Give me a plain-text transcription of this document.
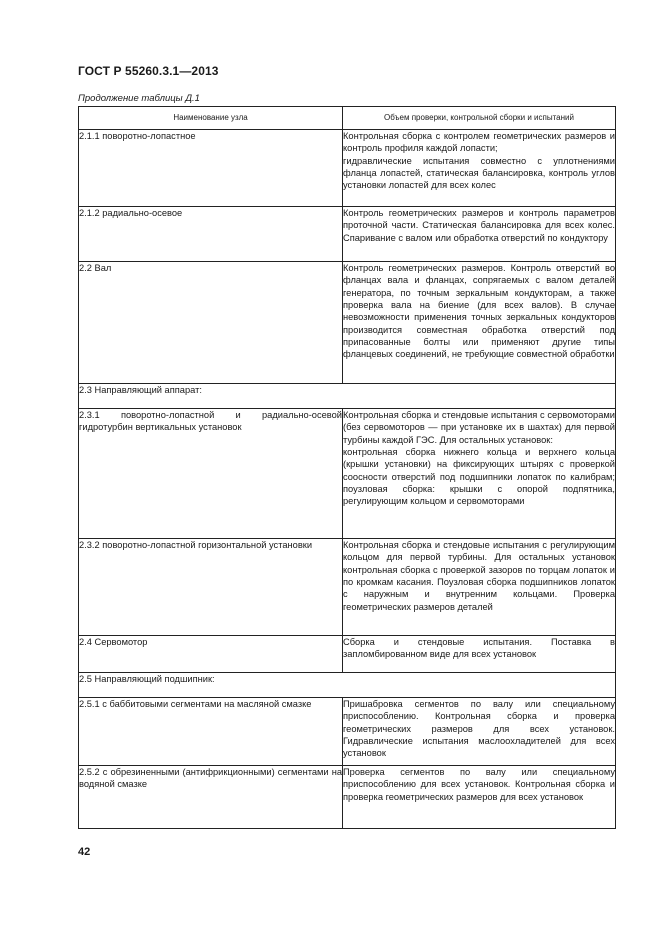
ГОСТ Р 55260.3.1—2013
Продолжение таблицы Д.1
Наименование узла	Объем проверки, контрольной сборки и испытаний
2.1.1 поворотно-лопастное	Контрольная сборка с контролем геометрических размеров и контроль профиля каждой лопасти;

гидравлические испытания совместно с уплотнениями фланца лопастей, статическая балансировка, контроль углов установки лопастей для всех колес

2.1.2 радиально-осевое	Контроль геометрических размеров и контроль параметров проточной части. Статическая балансировка для всех колес. Спаривание с валом или обработка отверстий по кондуктору

2.2 Вал	Контроль геометрических размеров. Контроль отверстий во фланцах вала и фланцах, сопрягаемых с валом деталей генератора, по точным зеркальным кондукторам, а также проверка вала на биение (для всех валов). В случае невозможности применения точных зеркальных кондукторов производится совместная обработка отверстий под припасованные болты или применяют другие типы фланцевых соединений, не требующие совместной обработки

2.3 Направляющий аппарат:	
2.3.1 поворотно-лопастной и радиально-осевой гидротурбин вертикальных установок	Контрольная сборка и стендовые испытания с сервомоторами (без сервомоторов — при установке их в шахтах) для первой турбины каждой ГЭС. Для остальных установок:

контрольная сборка нижнего кольца и верхнего кольца (крышки установки) на фиксирующих штырях с проверкой соосности отверстий под подшипники лопаток по калибрам; поузловая сборка: крышки с опорой подпятника, регулирующим кольцом и сервомоторами

2.3.2 поворотно-лопастной горизонтальной установки	Контрольная сборка и стендовые испытания с регулирующим кольцом для первой турбины. Для остальных установок контрольная сборка с проверкой зазоров по торцам лопаток и по кромкам касания. Поузловая сборка подшипников лопаток с наружным и внутренним кольцами. Проверка геометрических размеров деталей

2.4 Сервомотор	Сборка и стендовые испытания. Поставка в запломбированном виде для всех установок

2.5 Направляющий подшипник:	
2.5.1 с баббитовыми сегментами на масляной смазке	Пришабровка сегментов по валу или специальному приспособлению. Контрольная сборка и проверка геометрических размеров для всех установок. Гидравлические испытания маслоохладителей для всех установок

2.5.2 с обрезиненными (антифрикционными) сегментами на водяной смазке	Проверка сегментов по валу или специальному приспособлению для всех установок. Контрольная сборка и проверка геометрических размеров для всех установок

42
